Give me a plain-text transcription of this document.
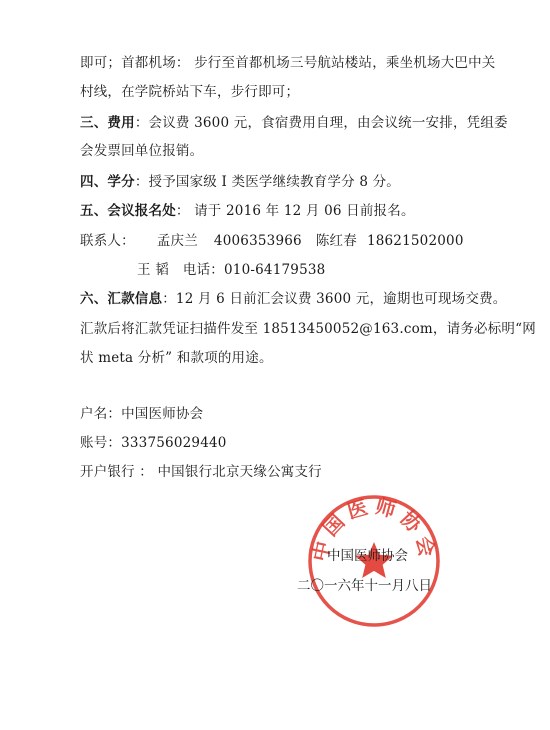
即可；首都机场： 步行至首都机场三号航站楼站，乘坐机场大巴中关
村线，在学院桥站下车，步行即可；
三、费用：会议费 3600 元，食宿费用自理，由会议统一安排，凭组委
会发票回单位报销。
四、学分：授予国家级 I 类医学继续教育学分 8 分。
五、会议报名处： 请于 2016 年 12 月 06 日前报名。
联系人： 孟庆兰 4006353966 陈红春 18621502000
王 韬 电话：010-64179538
六、汇款信息：12 月 6 日前汇会议费 3600 元，逾期也可现场交费。
汇款后将汇款凭证扫描件发至 18513450052@163.com，请务必标明“网
状 meta 分析” 和款项的用途。
户名：中国医师协会
账号：333756029440
开户银行 ： 中国银行北京天缘公寓支行
中国医师协会
中国医师协会
二〇一六年十一月八日
